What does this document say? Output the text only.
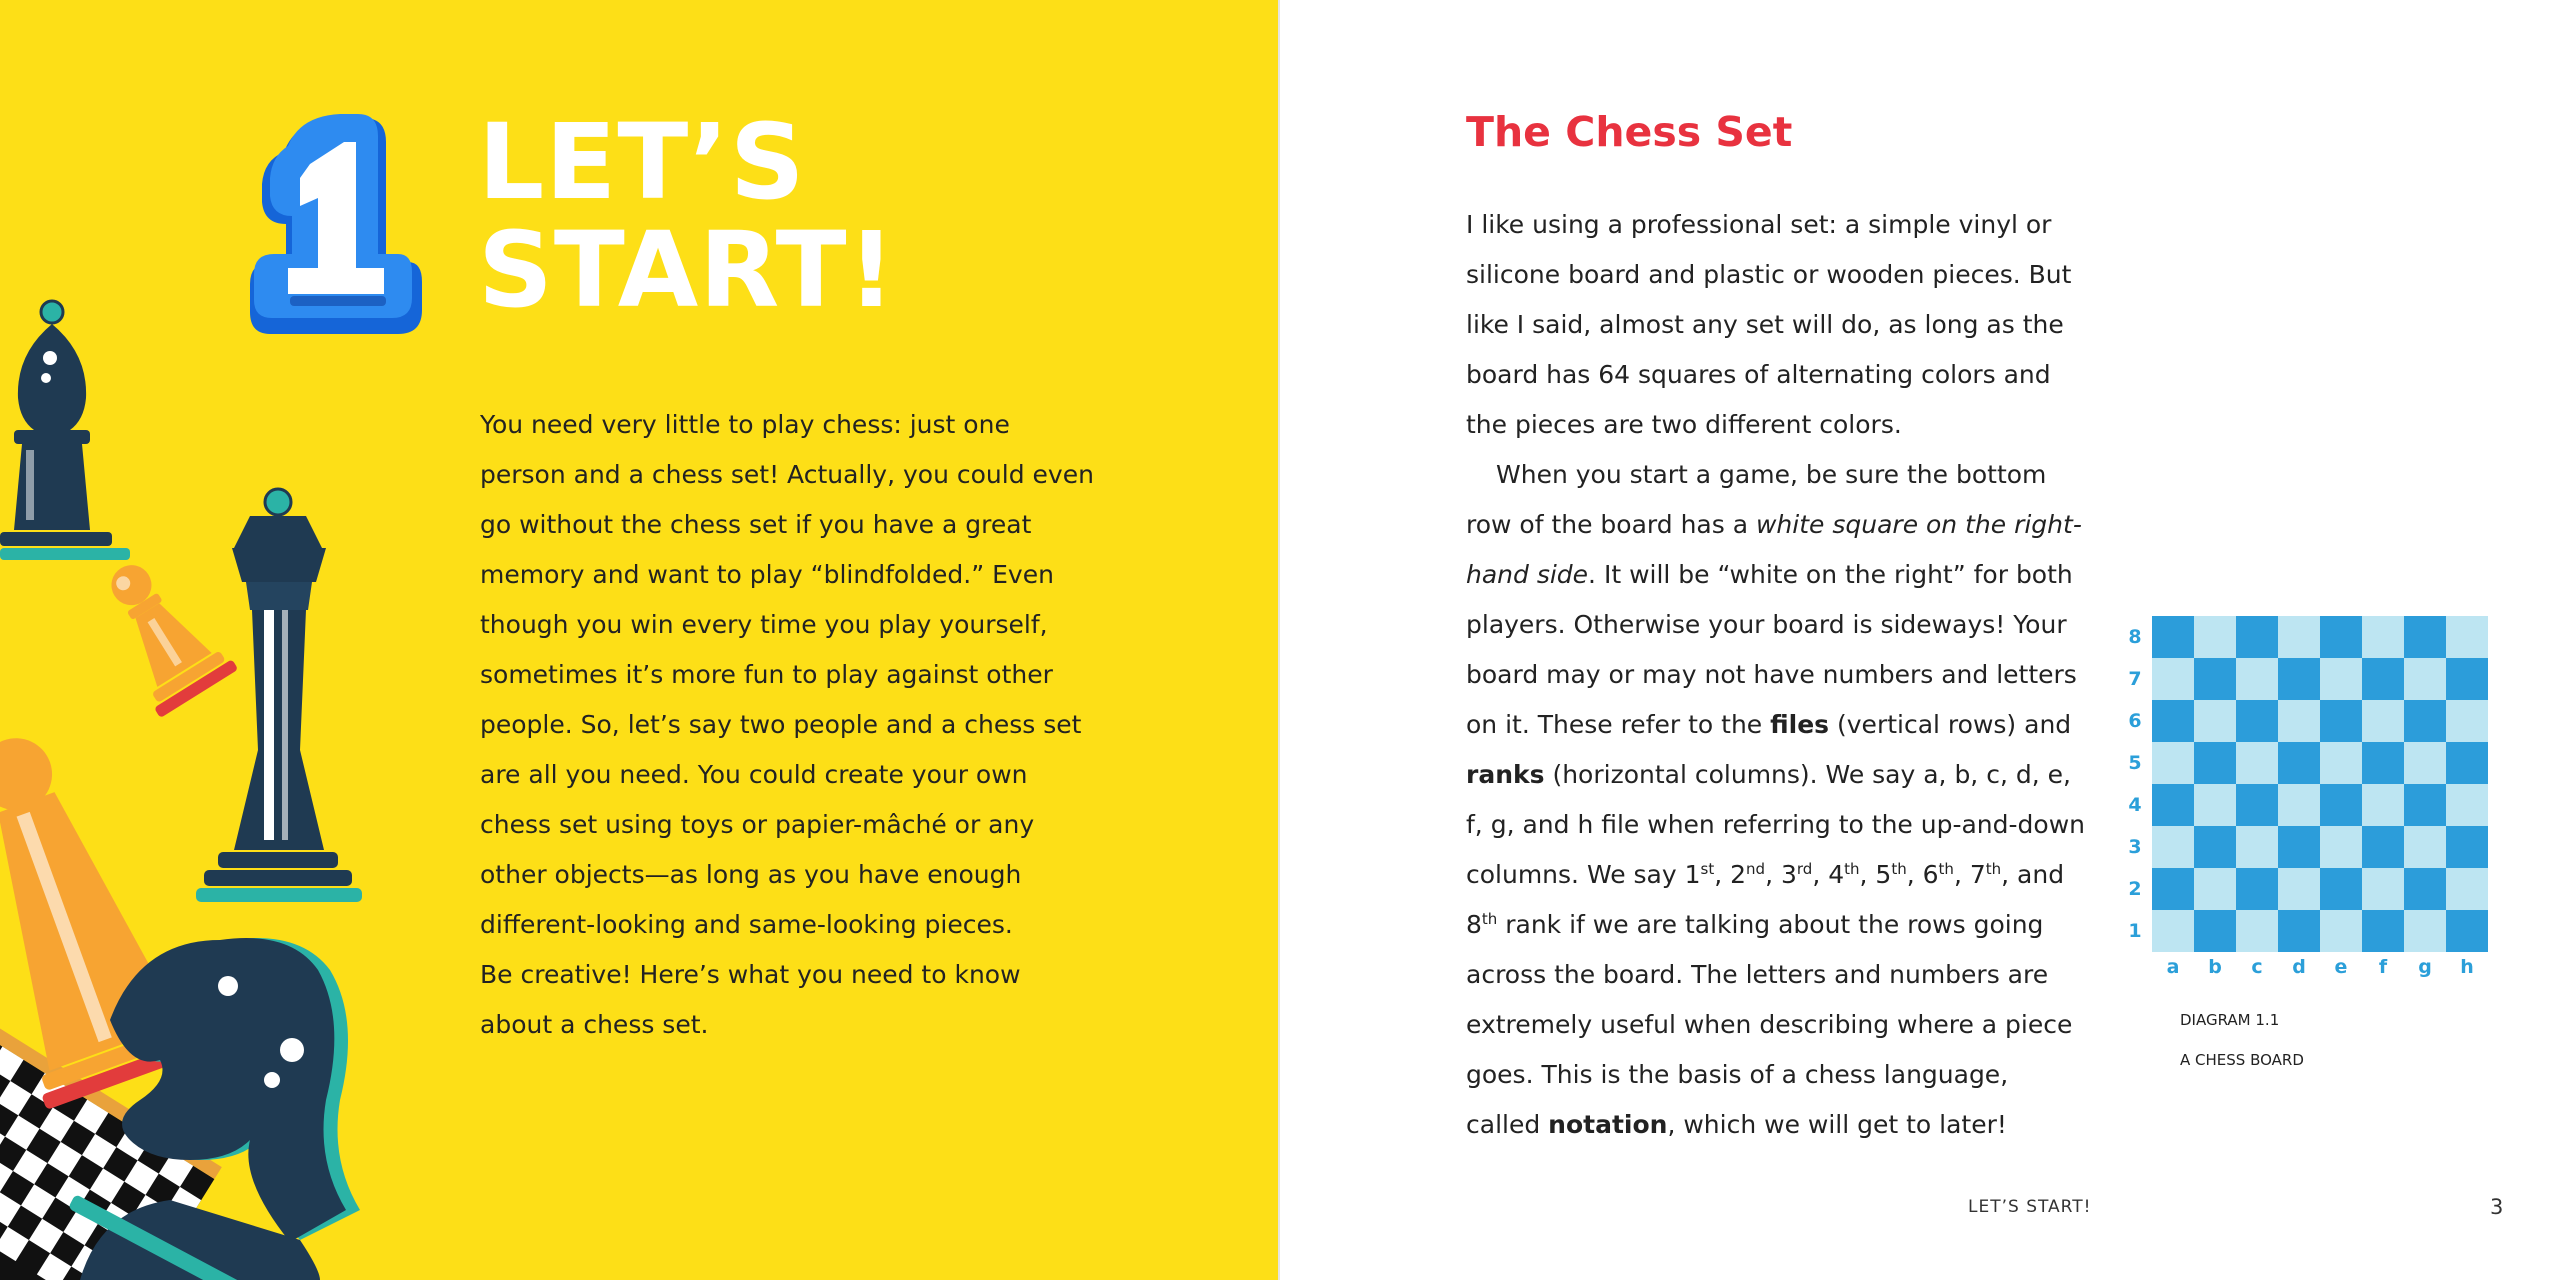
LET’S
START!
You need very little to play chess: just one person and a chess set! Actually, you could even go without the chess set if you have a great memory and want to play “blindfolded.” Even though you win every time you play yourself, sometimes it’s more fun to play against other people. So, let’s say two people and a chess set are all you need. You could create your own chess set using toys or papier-mâché or any other objects—as long as you have enough different-looking and same-looking pieces.
Be creative! Here’s what you need to know about a chess set.
The Chess Set

I like using a professional set: a simple vinyl or silicone board and plastic or wooden pieces. But like I said, almost any set will do, as long as the board has 64 squares of alternating colors and the pieces are two different colors.

When you start a game, be sure the bottom row of the board has a white square on the right-hand side. It will be “white on the right” for both players. Otherwise your board is sideways! Your board may or may not have numbers and letters on it. These refer to the files (vertical rows) and ranks (horizontal columns). We say a, b, c, d, e, f, g, and h file when referring to the up-and-down columns. We say 1st, 2nd, 3rd, 4th, 5th, 6th, 7th, and 8th rank if we are talking about the rows going across the board. The letters and numbers are extremely useful when describing where a piece goes. This is the basis of a chess language, called notation, which we will get to later!

8
7
6
5
4
3
2
1
a	b	c	d	e	f	g	h
DIAGRAM 1.1
A CHESS BOARD
LET’S START!	3
